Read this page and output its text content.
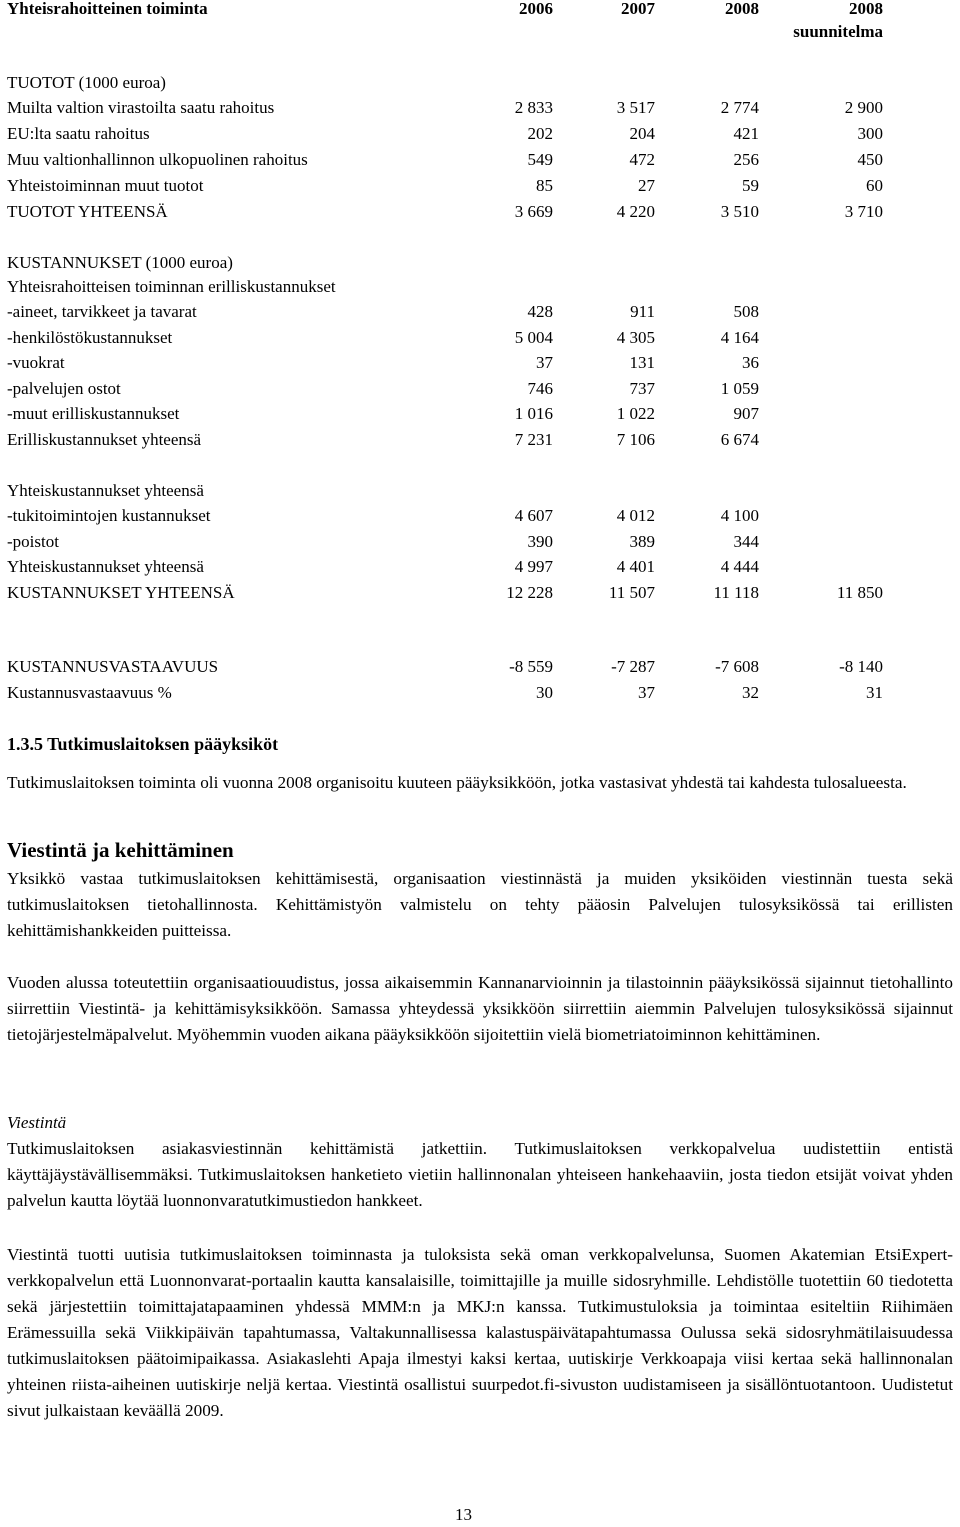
Yhteisrahoitteinen toiminta	2006	2007	2008	2008
suunnitelma
TUOTOT (1000 euroa)
Muilta valtion virastoilta saatu rahoitus	2 833	3 517	2 774	2 900
EU:lta saatu rahoitus	202	204	421	300
Muu valtionhallinnon ulkopuolinen rahoitus	549	472	256	450
Yhteistoiminnan muut tuotot	85	27	59	60
TUOTOT YHTEENSÄ	3 669	4 220	3 510	3 710
KUSTANNUKSET (1000 euroa)
Yhteisrahoitteisen toiminnan erilliskustannukset
-aineet, tarvikkeet ja tavarat	428	911	508
-henkilöstökustannukset	5 004	4 305	4 164
-vuokrat	37	131	36
-palvelujen ostot	746	737	1 059
-muut erilliskustannukset	1 016	1 022	907
Erilliskustannukset yhteensä	7 231	7 106	6 674
Yhteiskustannukset yhteensä
-tukitoimintojen kustannukset	4 607	4 012	4 100
-poistot	390	389	344
Yhteiskustannukset yhteensä	4 997	4 401	4 444
KUSTANNUKSET YHTEENSÄ	12 228	11 507	11 118	11 850
KUSTANNUSVASTAAVUUS	-8 559	-7 287	-7 608	-8 140
Kustannusvastaavuus %	30	37	32	31
1.3.5 Tutkimuslaitoksen pääyksiköt
Tutkimuslaitoksen toiminta oli vuonna 2008 organisoitu kuuteen pääyksikköön, jotka vastasivat yhdestä tai kahdesta tulosalueesta.
Viestintä ja kehittäminen
Yksikkö vastaa tutkimuslaitoksen kehittämisestä, organisaation viestinnästä ja muiden yksiköiden viestinnän tuesta sekä tutkimuslaitoksen tietohallinnosta. Kehittämistyön valmistelu on tehty pääosin Palvelujen tulosyksikössä tai erillisten kehittämishankkeiden puitteissa.
Vuoden alussa toteutettiin organisaatiouudistus, jossa aikaisemmin Kannanarvioinnin ja tilastoinnin pääyksikössä sijainnut tietohallinto siirrettiin Viestintä- ja kehittämisyksikköön. Samassa yhteydessä yksikköön siirrettiin aiemmin Palvelujen tulosyksikössä sijainnut tietojärjestelmäpalvelut. Myöhemmin vuoden aikana pääyksikköön sijoitettiin vielä biometriatoiminnon kehittäminen.
Viestintä
Tutkimuslaitoksen asiakasviestinnän kehittämistä jatkettiin. Tutkimuslaitoksen verkkopalvelua uudistettiin entistä käyttäjäystävällisemmäksi. Tutkimuslaitoksen hanketieto vietiin hallinnonalan yhteiseen hankehaaviin, josta tiedon etsijät voivat yhden palvelun kautta löytää luonnonvaratutkimustiedon hankkeet.
Viestintä tuotti uutisia tutkimuslaitoksen toiminnasta ja tuloksista sekä oman verkkopalvelunsa, Suomen Akatemian EtsiExpert-verkkopalvelun että Luonnonvarat-portaalin kautta kansalaisille, toimittajille ja muille sidosryhmille. Lehdistölle tuotettiin 60 tiedotetta sekä järjestettiin toimittajatapaaminen yhdessä MMM:n ja MKJ:n kanssa. Tutkimustuloksia ja toimintaa esiteltiin Riihimäen Erämessuilla sekä Viikkipäivän tapahtumassa, Valtakunnallisessa kalastuspäivätapahtumassa Oulussa sekä sidosryhmätilaisuudessa tutkimuslaitoksen päätoimipaikassa. Asiakaslehti Apaja ilmestyi kaksi kertaa, uutiskirje Verkkoapaja viisi kertaa sekä hallinnonalan yhteinen riista-aiheinen uutiskirje neljä kertaa. Viestintä osallistui suurpedot.fi-sivuston uudistamiseen ja sisällöntuotantoon. Uudistetut sivut julkaistaan keväällä 2009.
13
